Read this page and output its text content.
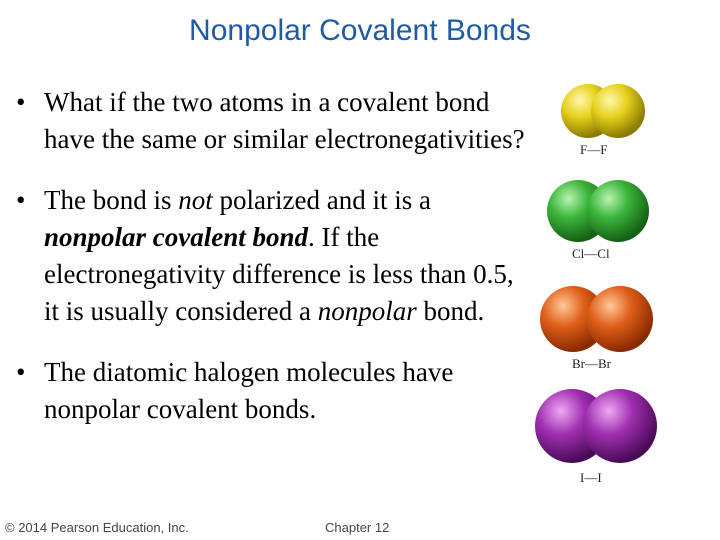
Nonpolar Covalent Bonds
• What if the two atoms in a covalent bond have the same or similar electronegativities?
• The bond is not polarized and it is a nonpolar covalent bond. If the electronegativity difference is less than 0.5, it is usually considered a nonpolar bond.
• The diatomic halogen molecules have nonpolar covalent bonds.
F—F
Cl—Cl
Br—Br
I—I
© 2014 Pearson Education, Inc.	Chapter 12
